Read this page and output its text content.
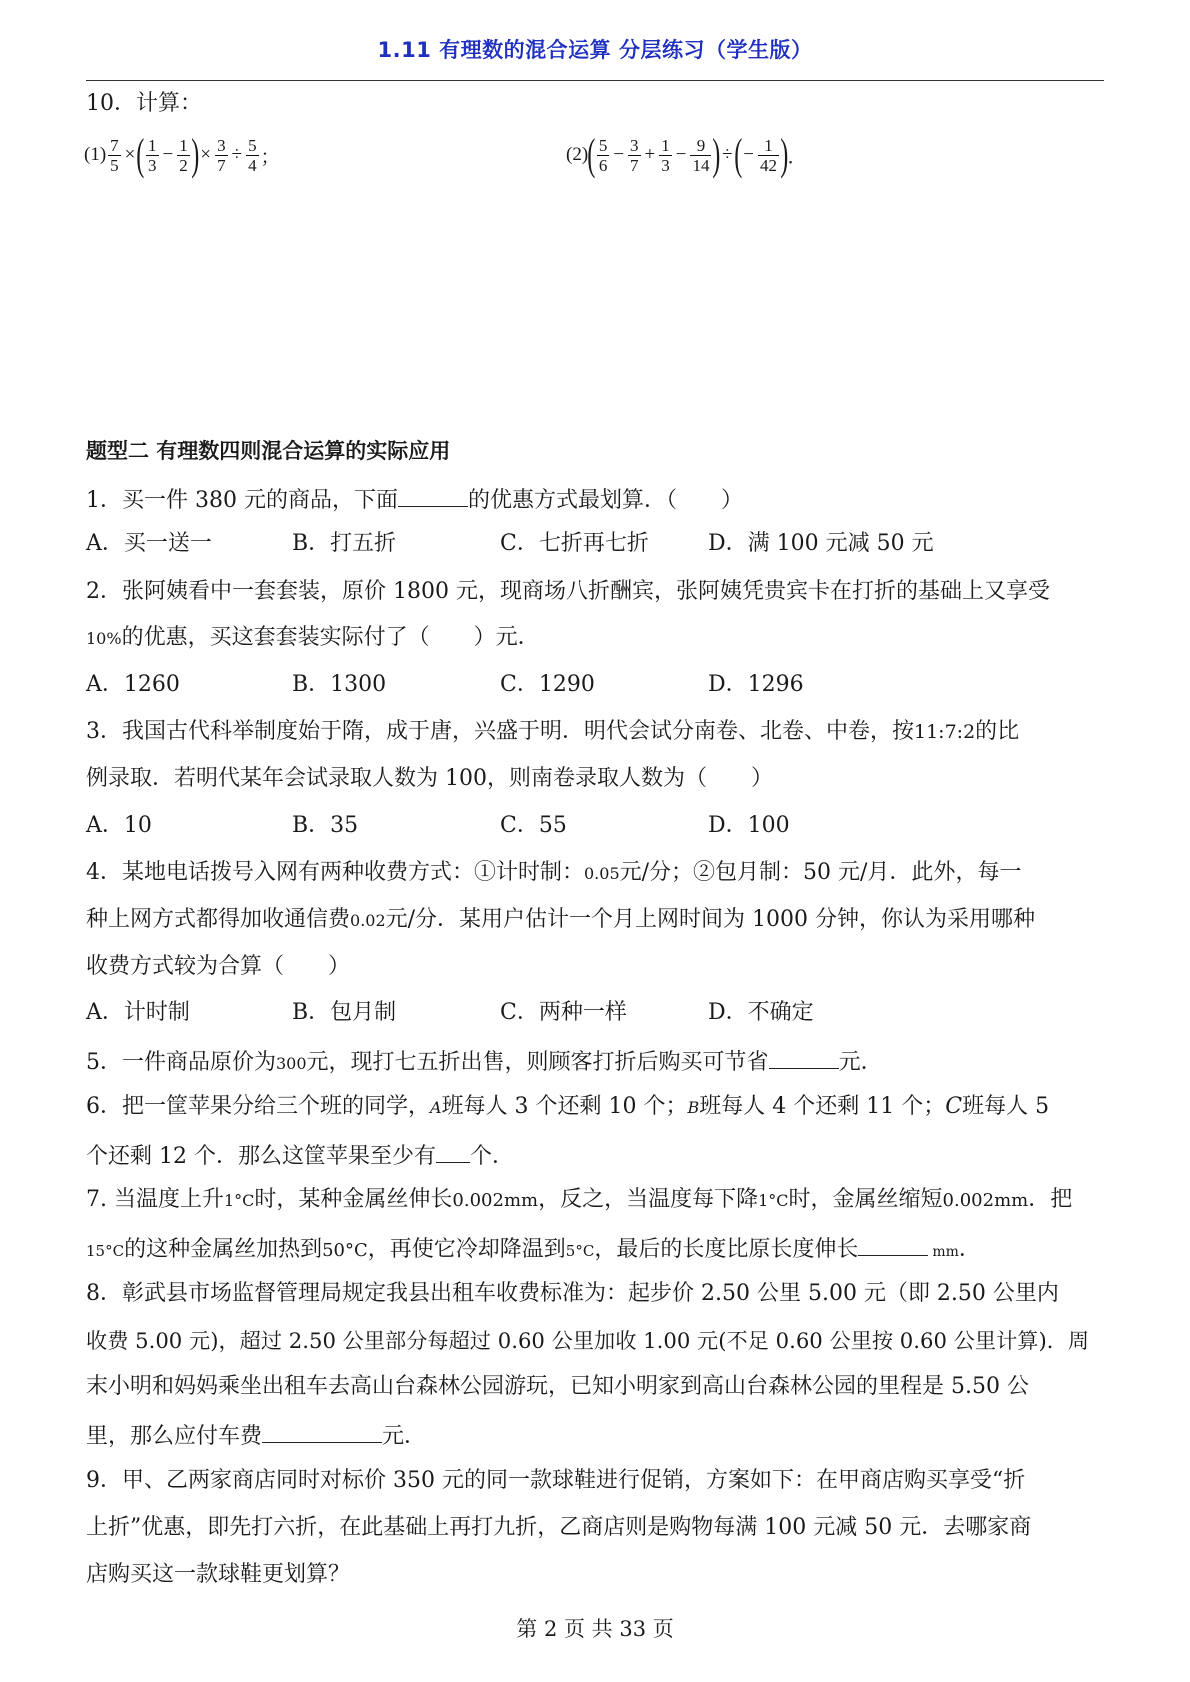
1.11 有理数的混合运算 分层练习（学生版）
10．计算：
$(1) \frac{7}{5}$ × ( $\frac{1}{3} - \frac{1}{2}$ ) × $\frac{3}{7} \div \frac{5}{4}$ ；	(2) ( $\frac{5}{6} - \frac{3}{7} + \frac{1}{3} - \frac{9}{14}$ ) ÷ ( − $\frac{1}{42}$ ) ．
题型二 有理数四则混合运算的实际应用
1．买一件 380 元的商品，下面	的优惠方式最划算．（　　）
A．买一送一	B．打五折	C．七折再七折	D．满 100 元减 50 元
2．张阿姨看中一套套装，原价 1800 元，现商场八折酬宾，张阿姨凭贵宾卡在打折的基础上又享受
10%的优惠，买这套套装实际付了（　　）元．
A．1260	B．1300	C．1290	D．1296
3．我国古代科举制度始于隋，成于唐，兴盛于明．明代会试分南卷、北卷、中卷，按11:7:2的比
例录取．若明代某年会试录取人数为 100，则南卷录取人数为（　　）
A．10	B．35	C．55	D．100
4．某地电话拨号入网有两种收费方式：①计时制：0.05元/分；②包月制：50 元/月．此外，每一
种上网方式都得加收通信费0.02元/分．某用户估计一个月上网时间为 1000 分钟，你认为采用哪种
收费方式较为合算（　　）
A．计时制	B．包月制	C．两种一样	D．不确定
5．一件商品原价为300元，现打七五折出售，则顾客打折后购买可节省	元．
6．把一筐苹果分给三个班的同学，A班每人 3 个还剩 10 个；B班每人 4 个还剩 11 个；C班每人 5
个还剩 12 个．那么这筐苹果至少有 个．
7. 当温度上升1°C时，某种金属丝伸长0.002mm，反之，当温度每下降1°C时，金属丝缩短0.002mm．把
15°C的这种金属丝加热到50°C，再使它冷却降温到5°C，最后的长度比原长度伸长	mm．
8．彰武县市场监督管理局规定我县出租车收费标准为：起步价 2.50 公里 5.00 元（即 2.50 公里内
收费 5.00 元)，超过 2.50 公里部分每超过 0.60 公里加收 1.00 元(不足 0.60 公里按 0.60 公里计算)．周
末小明和妈妈乘坐出租车去高山台森林公园游玩，已知小明家到高山台森林公园的里程是 5.50 公
里，那么应付车费	元．
9．甲、乙两家商店同时对标价 350 元的同一款球鞋进行促销，方案如下：在甲商店购买享受“折
上折”优惠，即先打六折，在此基础上再打九折，乙商店则是购物每满 100 元减 50 元．去哪家商
店购买这一款球鞋更划算？
第 2 页 共 33 页
